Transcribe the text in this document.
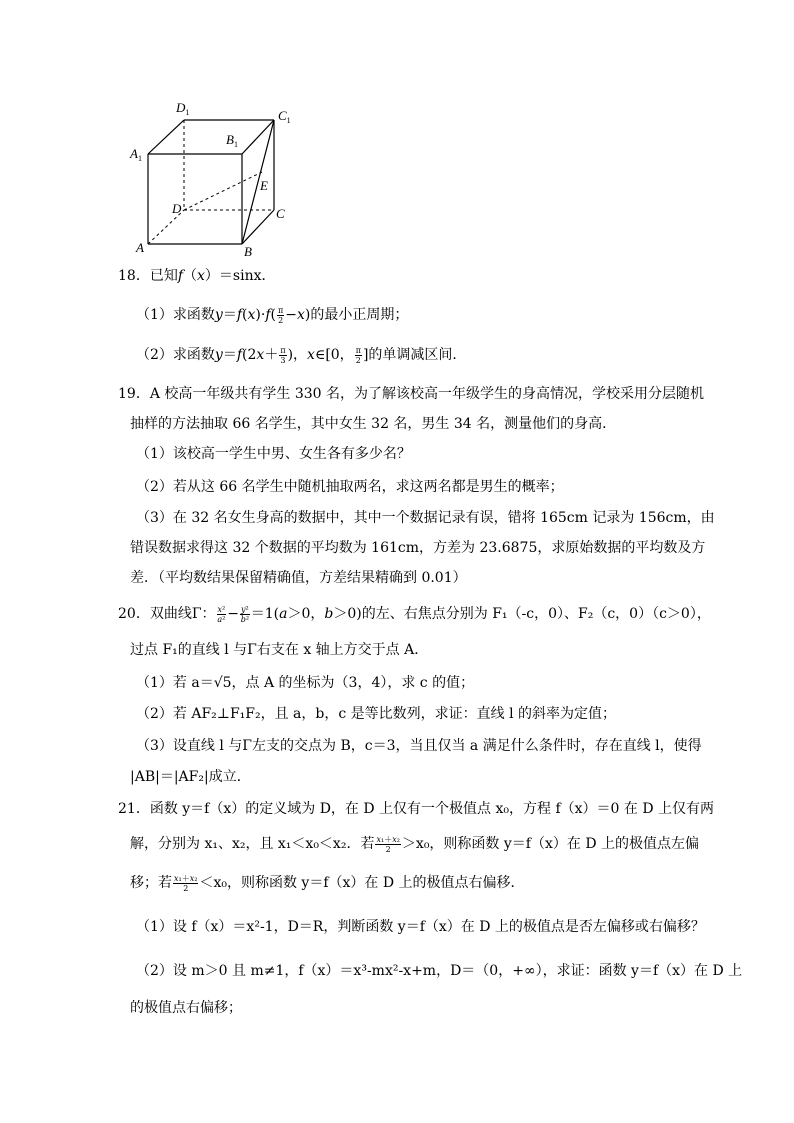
$D_1$
$A_1$
$B_1$
$C_1$
E
D	C
A	B
18．已知f（x）＝sinx．
（1）求函数$y=f(x)\cdot f( \frac{\pi}{2} -x)$的最小正周期；
（2）求函数$y=f(2x+ \frac{\pi}{3}$ )，x∈[0， $\frac{\pi}{2}$ ]的单调减区间．
19．A 校高一年级共有学生 330 名，为了解该校高一年级学生的身高情况，学校采用分层随机
抽样的方法抽取 66 名学生，其中女生 32 名，男生 34 名，测量他们的身高．
（1）该校高一学生中男、女生各有多少名？
（2）若从这 66 名学生中随机抽取两名，求这两名都是男生的概率；
（3）在 32 名女生身高的数据中，其中一个数据记录有误，错将 165cm 记录为 156cm，由
错误数据求得这 32 个数据的平均数为 161cm，方差为 23.6875，求原始数据的平均数及方
差．（平均数结果保留精确值，方差结果精确到 0.01）
20．双曲线Γ： $\frac{\text{x²}}{\text{a²}} - \frac{\text{y²}}{\text{b²}} =1(a>0$，b＞0)的左、右焦点分别为 F₁（-c，0）、F₂（c，0）（c＞0），
过点 F₁的直线 l 与Γ右支在 x 轴上方交于点 A．
（1）若 a＝√5，点 A 的坐标为（3，4），求 c 的值；
（2）若 AF₂⊥F₁F₂，且 a，b，c 是等比数列，求证：直线 l 的斜率为定值；
（3）设直线 l 与Γ左支的交点为 B，c＝3，当且仅当 a 满足什么条件时，存在直线 l，使得
|AB|＝|AF₂|成立．
21．函数 y＝f（x）的定义域为 D，在 D 上仅有一个极值点 x₀，方程 f（x）＝0 在 D 上仅有两
解，分别为 x₁、x₂，且 x₁＜x₀＜x₂．若 $\frac{\text{x₁＋x₂}}{2} >x_0$，则称函数 y＝f（x）在 D 上的极值点左偏
移；若 $\frac{\text{x₁＋x₂}}{2} <x_0$，则称函数 y＝f（x）在 D 上的极值点右偏移．
（1）设 f（x）＝x²-1，D＝R，判断函数 y＝f（x）在 D 上的极值点是否左偏移或右偏移？
（2）设 m＞0 且 m≠1，f（x）＝x³-mx²-x+m，D＝（0，+∞），求证：函数 y＝f（x）在 D 上
的极值点右偏移；
